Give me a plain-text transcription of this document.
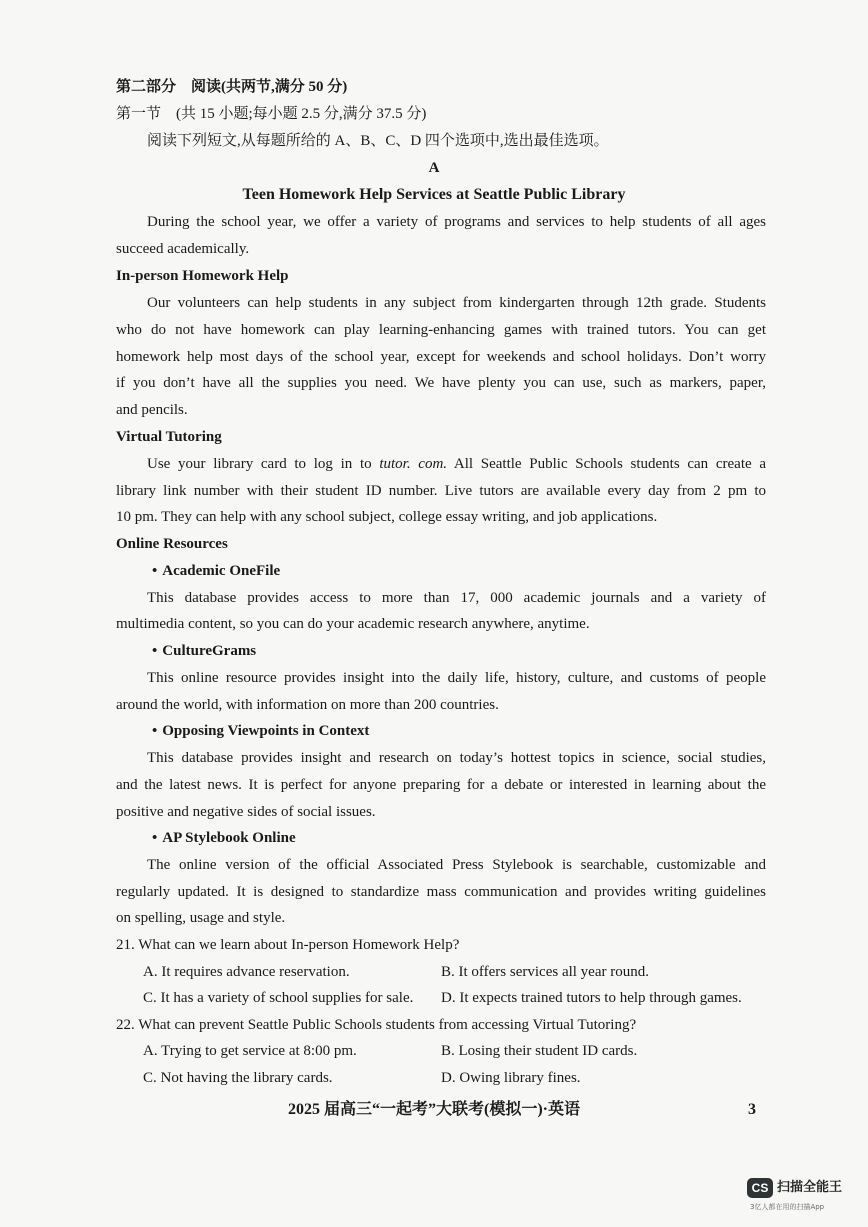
第二部分　阅读(共两节,满分 50 分)
第一节　(共 15 小题;每小题 2.5 分,满分 37.5 分)
阅读下列短文,从每题所给的 A、B、C、D 四个选项中,选出最佳选项。
A
Teen Homework Help Services at Seattle Public Library
During the school year, we offer a variety of programs and services to help students of all ages
succeed academically.
In-person Homework Help
Our volunteers can help students in any subject from kindergarten through 12th grade. Students
who do not have homework can play learning-enhancing games with trained tutors. You can get
homework help most days of the school year, except for weekends and school holidays. Don’t worry
if you don’t have all the supplies you need. We have plenty you can use, such as markers, paper,
and pencils.
Virtual Tutoring
Use your library card to log in to tutor. com. All Seattle Public Schools students can create a
library link number with their student ID number. Live tutors are available every day from 2 pm to
10 pm. They can help with any school subject, college essay writing, and job applications.
Online Resources
• Academic OneFile
This database provides access to more than 17, 000 academic journals and a variety of
multimedia content, so you can do your academic research anywhere, anytime.
• CultureGrams
This online resource provides insight into the daily life, history, culture, and customs of people
around the world, with information on more than 200 countries.
• Opposing Viewpoints in Context
This database provides insight and research on today’s hottest topics in science, social studies,
and the latest news. It is perfect for anyone preparing for a debate or interested in learning about the
positive and negative sides of social issues.
• AP Stylebook Online
The online version of the official Associated Press Stylebook is searchable, customizable and
regularly updated. It is designed to standardize mass communication and provides writing guidelines
on spelling, usage and style.
21. What can we learn about In-person Homework Help?
A. It requires advance reservation.	B. It offers services all year round.
C. It has a variety of school supplies for sale. D. It expects trained tutors to help through games.
22. What can prevent Seattle Public Schools students from accessing Virtual Tutoring?
A. Trying to get service at 8:00 pm.	B. Losing their student ID cards.
C. Not having the library cards.	D. Owing library fines.
2025 届高三“一起考”大联考(模拟一)·英语	3
CS 扫描全能王
3亿人都在用的扫描App
